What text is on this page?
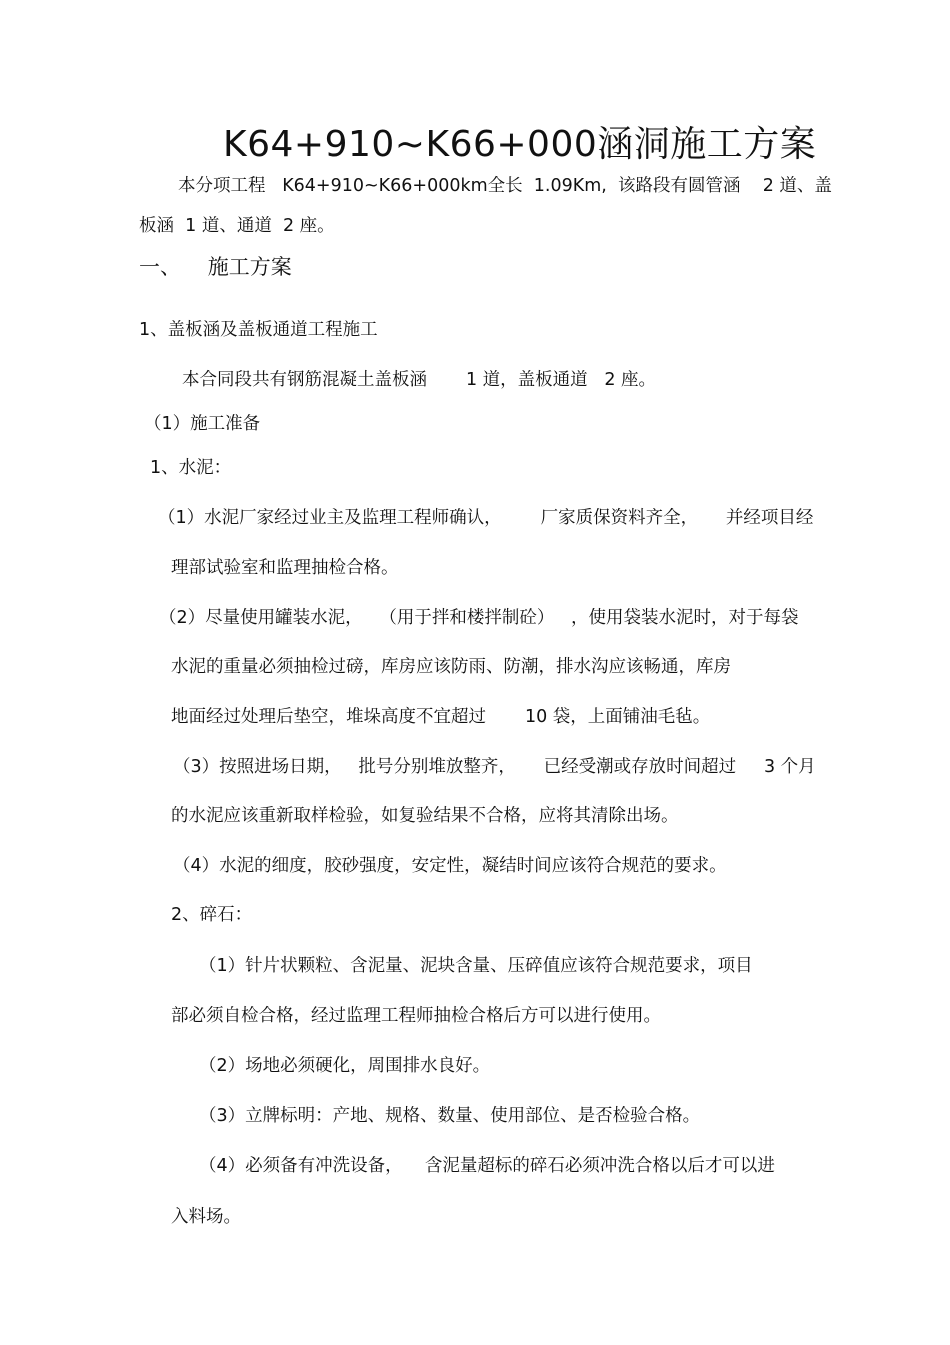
K64+910~K66+000涵洞施工方案
本分项工程   K64+910~K66+000km全长  1.09Km,  该路段有圆管涵    2 道、盖
板涵  1 道、通道  2 座。
一、    施工方案
1、盖板涵及盖板通道工程施工
本合同段共有钢筋混凝土盖板涵       1 道，盖板通道   2 座。
（1）施工准备
1、水泥：
（1）水泥厂家经过业主及监理工程师确认，       厂家质保资料齐全，     并经项目经
理部试验室和监理抽检合格。
（2）尽量使用罐装水泥，   （用于拌和楼拌制砼）   ，使用袋装水泥时，对于每袋
水泥的重量必须抽检过磅，库房应该防雨、防潮，排水沟应该畅通，库房
地面经过处理后垫空，堆垛高度不宜超过       10 袋，上面铺油毛毡。
（3）按照进场日期，   批号分别堆放整齐，     已经受潮或存放时间超过     3 个月
的水泥应该重新取样检验，如复验结果不合格，应将其清除出场。
（4）水泥的细度，胶砂强度，安定性，凝结时间应该符合规范的要求。
2、碎石：
（1）针片状颗粒、含泥量、泥块含量、压碎值应该符合规范要求，项目
部必须自检合格，经过监理工程师抽检合格后方可以进行使用。
（2）场地必须硬化，周围排水良好。
（3）立牌标明：产地、规格、数量、使用部位、是否检验合格。
（4）必须备有冲洗设备，    含泥量超标的碎石必须冲洗合格以后才可以进
入料场。
